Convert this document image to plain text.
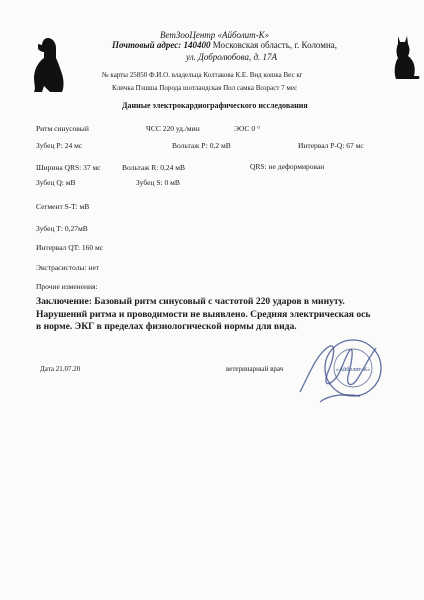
ВетЗооЦентр «Айболит-К»
Почтовый адрес: 140400 Московская область, г. Коломна,
ул. Добролюбова, д. 17А
№ карты 25850 Ф.И.О. владельца Колтакова К.Е. Вид кошка Вес кг
Кличка Пэшша Порода шотландская Пол самка Возраст 7 мес
Данные электрокардиографического исследования
Ритм синусовый	ЧСС 220 уд./мин	ЭОС 0 °
Зубец Р: 24 мс	Вольтаж Р: 0,2 мВ	Интервал Р-Q: 67 мс
Ширина QRS: 37 мс	Вольтаж R: 0,24 мВ	QRS: не деформирован
Зубец Q: мВ	Зубец S: 0 мВ
Сегмент S-T: мВ
Зубец Т: 0,27мВ
Интервал QT: 160 мс
Экстрасистолы: нет
Прочие изменения:
Заключение: Базовый ритм синусовый с частотой 220 ударов в минуту. Нарушений ритма и проводимости не выявлено. Средняя электрическая ось в норме. ЭКГ в пределах физиологической нормы для вида.
Дата 21.07.20	ветеринарный врач	«Айболит-К»
